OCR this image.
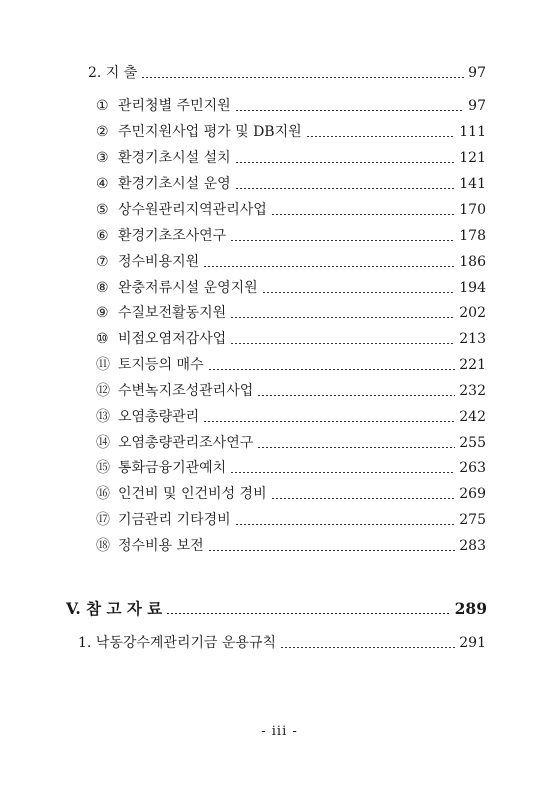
2. 지 출	97
① 관리청별 주민지원	97
② 주민지원사업 평가 및 DB지원	111
③ 환경기초시설 설치	121
④ 환경기초시설 운영	141
⑤ 상수원관리지역관리사업	170
⑥ 환경기초조사연구	178
⑦ 정수비용지원	186
⑧ 완충저류시설 운영지원	194
⑨ 수질보전활동지원	202
⑩ 비점오염저감사업	213
⑪ 토지등의 매수	221
⑫ 수변녹지조성관리사업	232
⑬ 오염총량관리	242
⑭ 오염총량관리조사연구	255
⑮ 통화금융기관예치	263
⑯ 인건비 및 인건비성 경비	269
⑰ 기금관리 기타경비	275
⑱ 정수비용 보전	283
V. 참 고 자 료	289
1. 낙동강수계관리기금 운용규칙	291
- iii -
